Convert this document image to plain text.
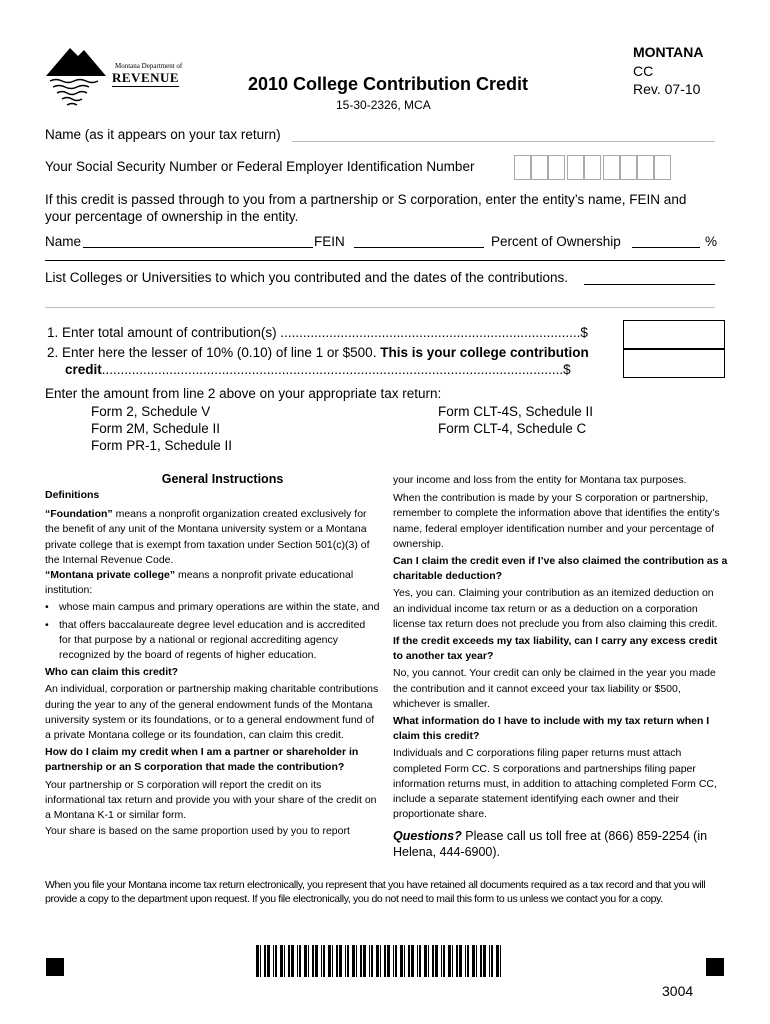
Montana Department of
REVENUE	2010 College Contribution Credit
15-30-2326, MCA
MONTANA
CC
Rev. 07-10
Name (as it appears on your tax return)
Your Social Security Number or Federal Employer Identification Number
If this credit is passed through to you from a partnership or S corporation, enter the entity’s name, FEIN and
your percentage of ownership in the entity.
Name	FEIN	Percent of Ownership	%
List Colleges or Universities to which you contributed and the dates of the contributions.
1. Enter total amount of contribution(s) ................................................................................$
2. Enter here the lesser of 10% (0.10) of line 1 or $500. This is your college contribution
credit...........................................................................................................................$
Enter the amount from line 2 above on your appropriate tax return:
Form 2, Schedule V
Form 2M, Schedule II
Form PR-1, Schedule II
Form CLT-4S, Schedule II
Form CLT-4, Schedule C
General Instructions
Definitions
“Foundation” means a nonprofit organization created exclusively for the benefit of any unit of the Montana university system or a Montana private college that is exempt from taxation under Section 501(c)(3) of the Internal Revenue Code.
“Montana private college” means a nonprofit private educational institution:
• whose main campus and primary operations are within the state, and
• that offers baccalaureate degree level education and is accredited for that purpose by a national or regional accrediting agency recognized by the board of regents of higher education.
Who can claim this credit?
An individual, corporation or partnership making charitable contributions during the year to any of the general endowment funds of the Montana university system or its foundations, or to a general endowment fund of a private Montana college or its foundation, can claim this credit.
How do I claim my credit when I am a partner or shareholder in partnership or an S corporation that made the contribution?
Your partnership or S corporation will report the credit on its informational tax return and provide you with your share of the credit on a Montana K-1 or similar form.
Your share is based on the same proportion used by you to report
your income and loss from the entity for Montana tax purposes.
When the contribution is made by your S corporation or partnership, remember to complete the information above that identifies the entity’s name, federal employer identification number and your percentage of ownership.
Can I claim the credit even if I’ve also claimed the contribution as a charitable deduction?
Yes, you can. Claiming your contribution as an itemized deduction on an individual income tax return or as a deduction on a corporation license tax return does not preclude you from also claiming this credit.
If the credit exceeds my tax liability, can I carry any excess credit to another tax year?
No, you cannot. Your credit can only be claimed in the year you made the contribution and it cannot exceed your tax liability or $500, whichever is smaller.
What information do I have to include with my tax return when I claim this credit?
Individuals and C corporations filing paper returns must attach completed Form CC. S corporations and partnerships filing paper information returns must, in addition to attaching completed Form CC, include a separate statement identifying each owner and their proportionate share.
Questions? Please call us toll free at (866) 859-2254 (in Helena, 444-6900).
When you file your Montana income tax return electronically, you represent that you have retained all documents required as a tax record and that you will provide a copy to the department upon request. If you file electronically, you do not need to mail this form to us unless we contact you for a copy.
3004
